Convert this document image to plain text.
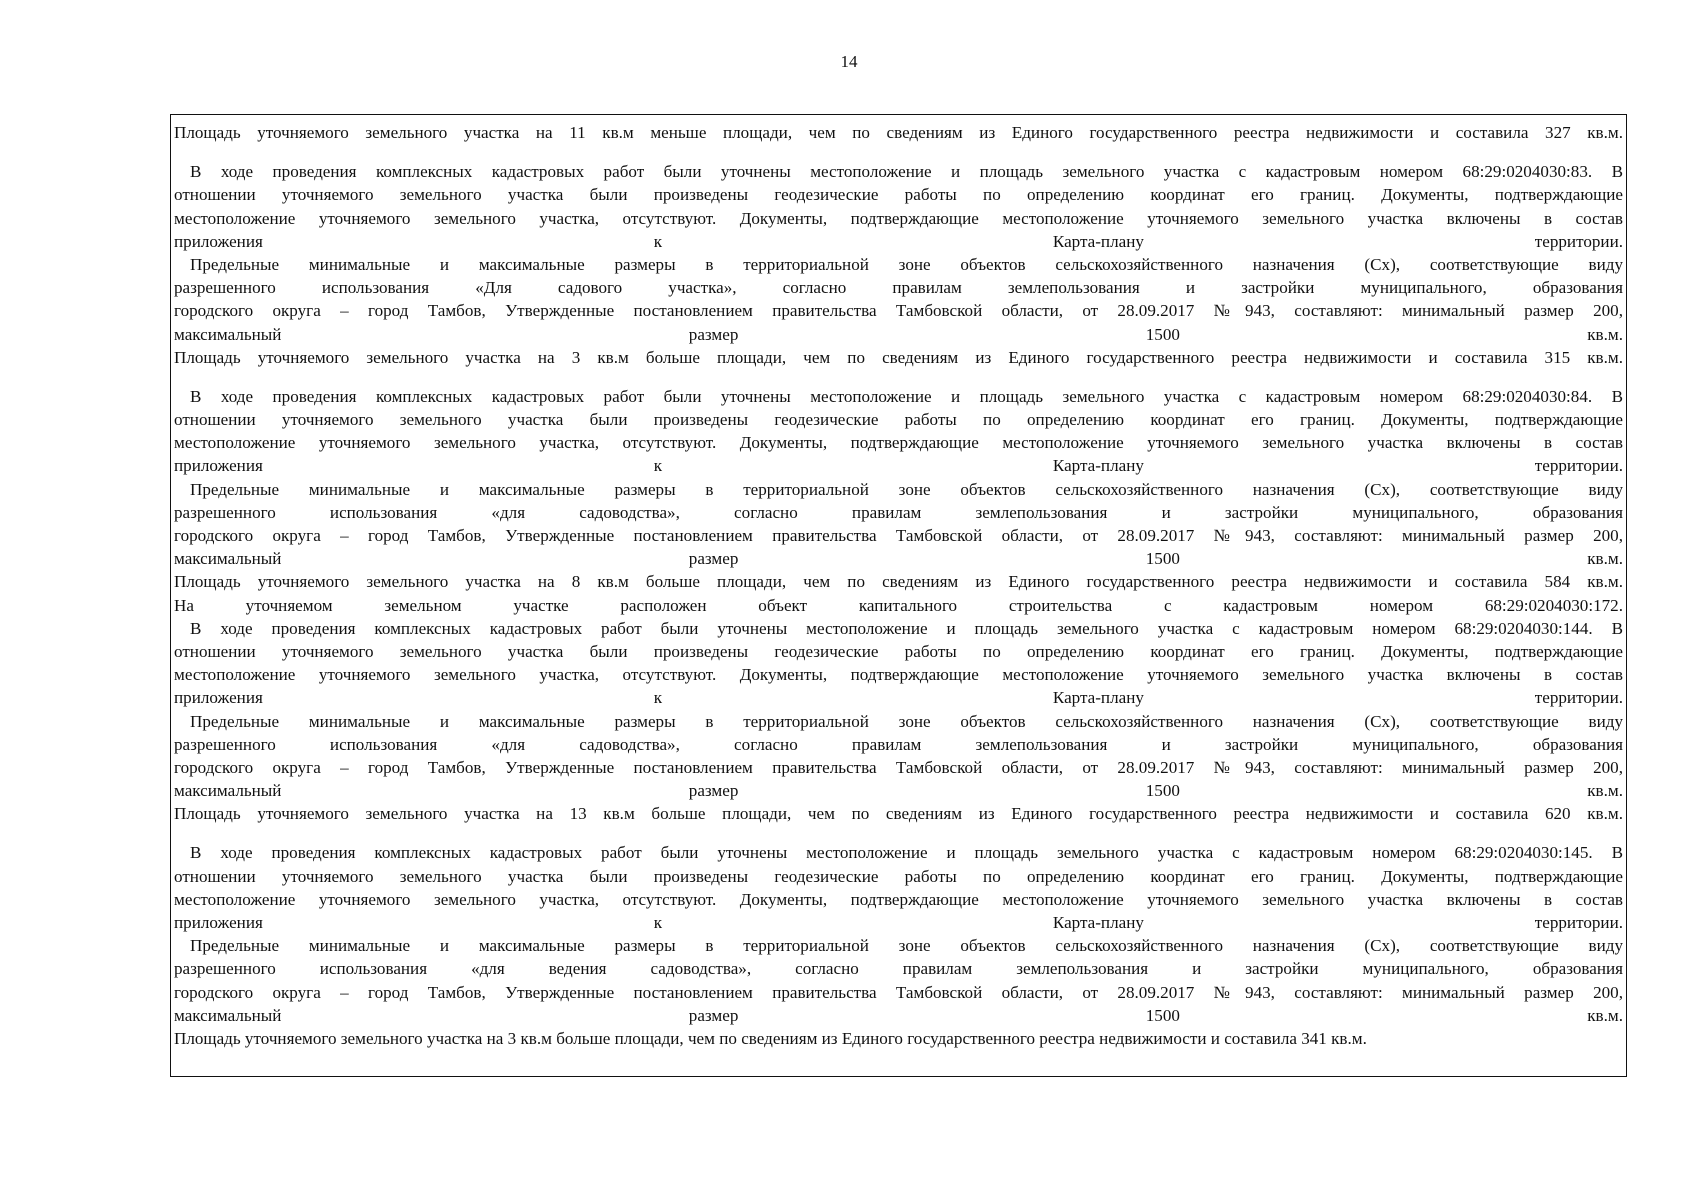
14
Площадь уточняемого земельного участка на 11 кв.м меньше площади, чем по сведениям из Единого государственного реестра недвижимости и составила 327 кв.м.
В ходе проведения комплексных кадастровых работ были уточнены местоположение и площадь земельного участка с кадастровым номером 68:29:0204030:83. В
отношении уточняемого земельного участка были произведены геодезические работы по определению координат его границ. Документы, подтверждающие
местоположение уточняемого земельного участка, отсутствуют. Документы, подтверждающие местоположение уточняемого земельного участка включены в состав
приложения к Карта-плану территории.
Предельные минимальные и максимальные размеры в территориальной зоне объектов сельскохозяйственного назначения (Сх), соответствующие виду
разрешенного использования «Для садового участка», согласно правилам землепользования и застройки муниципального, образования
городского округа – город Тамбов, Утвержденные постановлением правительства Тамбовской области, от 28.09.2017 №943, составляют: минимальный размер 200,
максимальный размер 1500 кв.м.
Площадь уточняемого земельного участка на 3 кв.м больше площади, чем по сведениям из Единого государственного реестра недвижимости и составила 315 кв.м.
В ходе проведения комплексных кадастровых работ были уточнены местоположение и площадь земельного участка с кадастровым номером 68:29:0204030:84. В
отношении уточняемого земельного участка были произведены геодезические работы по определению координат его границ. Документы, подтверждающие
местоположение уточняемого земельного участка, отсутствуют. Документы, подтверждающие местоположение уточняемого земельного участка включены в состав
приложения к Карта-плану территории.
Предельные минимальные и максимальные размеры в территориальной зоне объектов сельскохозяйственного назначения (Сх), соответствующие виду
разрешенного использования «для садоводства», согласно правилам землепользования и застройки муниципального, образования
городского округа – город Тамбов, Утвержденные постановлением правительства Тамбовской области, от 28.09.2017 №943, составляют: минимальный размер 200,
максимальный размер 1500 кв.м.
Площадь уточняемого земельного участка на 8 кв.м больше площади, чем по сведениям из Единого государственного реестра недвижимости и составила 584 кв.м.
На уточняемом земельном участке расположен объект капитального строительства с кадастровым номером 68:29:0204030:172.
В ходе проведения комплексных кадастровых работ были уточнены местоположение и площадь земельного участка с кадастровым номером 68:29:0204030:144. В
отношении уточняемого земельного участка были произведены геодезические работы по определению координат его границ. Документы, подтверждающие
местоположение уточняемого земельного участка, отсутствуют. Документы, подтверждающие местоположение уточняемого земельного участка включены в состав
приложения к Карта-плану территории.
Предельные минимальные и максимальные размеры в территориальной зоне объектов сельскохозяйственного назначения (Сх), соответствующие виду
разрешенного использования «для садоводства», согласно правилам землепользования и застройки муниципального, образования
городского округа – город Тамбов, Утвержденные постановлением правительства Тамбовской области, от 28.09.2017 №943, составляют: минимальный размер 200,
максимальный размер 1500 кв.м.
Площадь уточняемого земельного участка на 13 кв.м больше площади, чем по сведениям из Единого государственного реестра недвижимости и составила 620 кв.м.
В ходе проведения комплексных кадастровых работ были уточнены местоположение и площадь земельного участка с кадастровым номером 68:29:0204030:145. В
отношении уточняемого земельного участка были произведены геодезические работы по определению координат его границ. Документы, подтверждающие
местоположение уточняемого земельного участка, отсутствуют. Документы, подтверждающие местоположение уточняемого земельного участка включены в состав
приложения к Карта-плану территории.
Предельные минимальные и максимальные размеры в территориальной зоне объектов сельскохозяйственного назначения (Сх), соответствующие виду
разрешенного использования «для ведения садоводства», согласно правилам землепользования и застройки муниципального, образования
городского округа – город Тамбов, Утвержденные постановлением правительства Тамбовской области, от 28.09.2017 №943, составляют: минимальный размер 200,
максимальный размер 1500 кв.м.
Площадь уточняемого земельного участка на 3 кв.м больше площади, чем по сведениям из Единого государственного реестра недвижимости и составила 341 кв.м.
